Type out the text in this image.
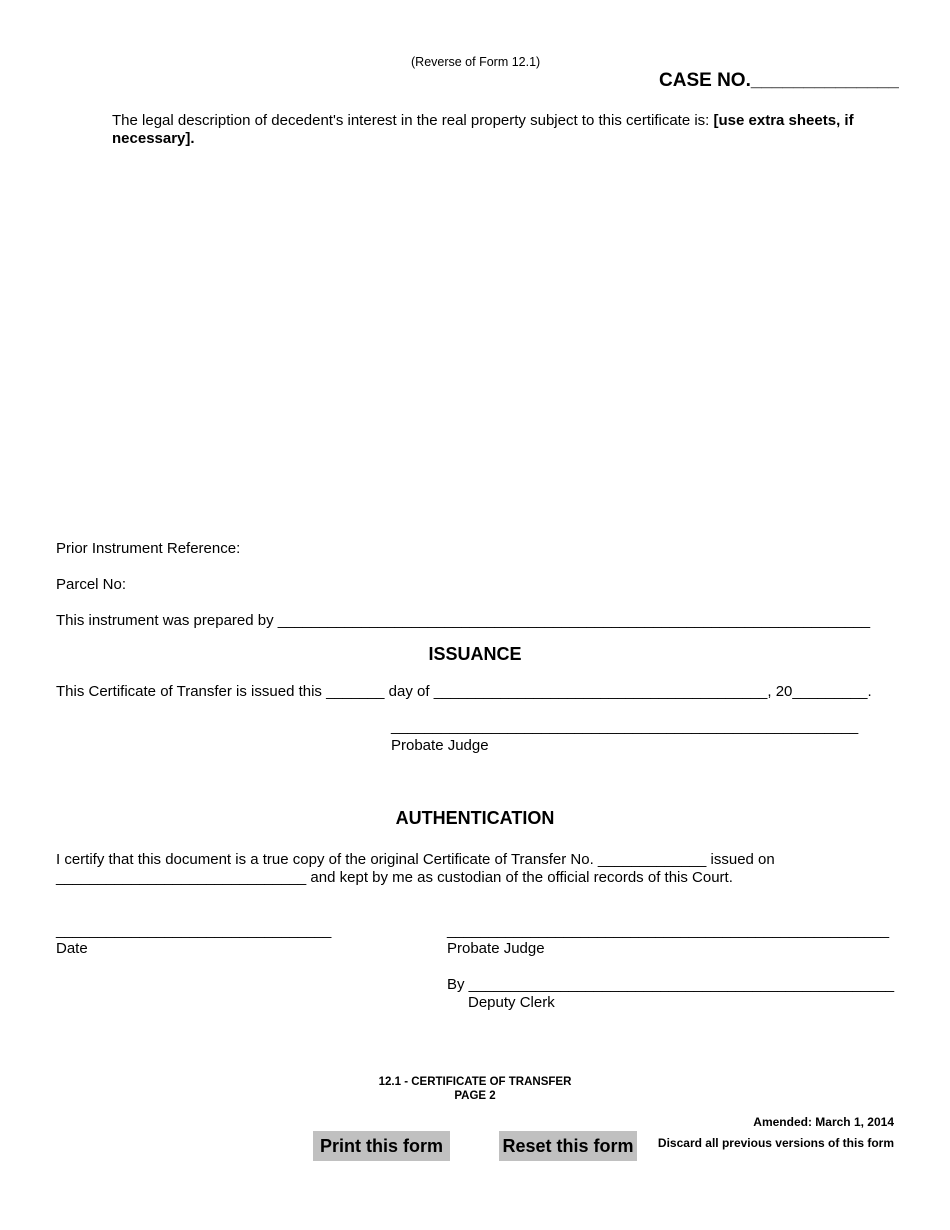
(Reverse of Form 12.1)
CASE NO.______________
The legal description of decedent's interest in the real property subject to this certificate is: [use extra sheets, if necessary].
Prior Instrument Reference:
Parcel No:
This instrument was prepared by _______________________________________________________________________
ISSUANCE
This Certificate of Transfer is issued this _______ day of ________________________________________, 20_________.
________________________________________________________
Probate Judge
AUTHENTICATION
I certify that this document is a true copy of the original Certificate of Transfer No. _____________ issued on
______________________________ and kept by me as custodian of the official records of this Court.
_________________________________
Date
_____________________________________________________
Probate Judge
By ___________________________________________________
Deputy Clerk
12.1 - CERTIFICATE OF TRANSFER
PAGE 2
Amended: March 1, 2014
Discard all previous versions of this form
Print this form	Reset this form
